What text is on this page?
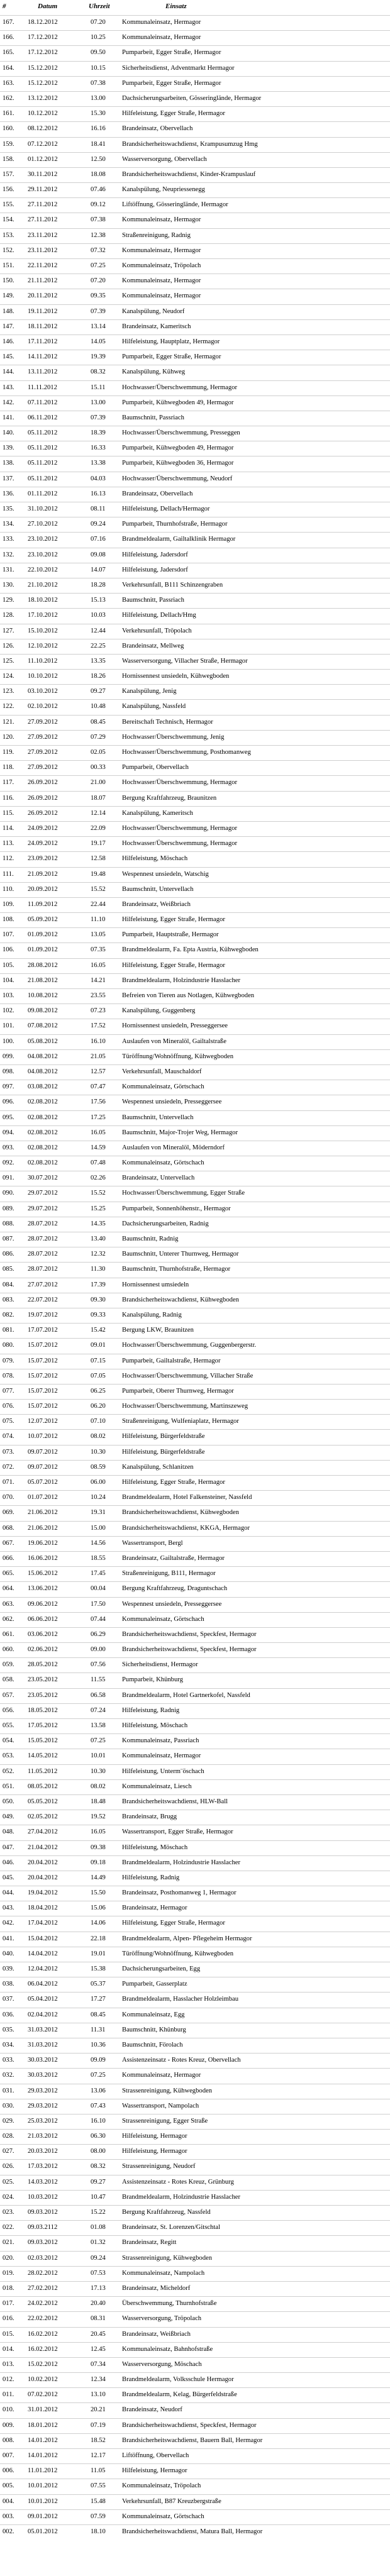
#	Datum	Uhrzeit	Einsatz
167. 18.12.2012	07.20 Kommunaleinsatz, Hermagor
166. 17.12.2012	10.25 Kommunaleinsatz, Hermagor
165. 17.12.2012	09.50 Pumparbeit, Egger Straße, Hermagor
164. 15.12.2012	10.15 Sicherheitsdienst, Adventmarkt Hermagor
163. 15.12.2012	07.38 Pumparbeit, Egger Straße, Hermagor
162. 13.12.2012	13.00 Dachsicherungsarbeiten, Gösseringlände, Hermagor
161. 10.12.2012	15.30 Hilfeleistung, Egger Straße, Hermagor
160. 08.12.2012	16.16 Brandeinsatz, Obervellach
159. 07.12.2012	18.41 Brandsicherheitswachdienst, Krampusumzug Hmg
158. 01.12.2012	12.50 Wasserversorgung, Obervellach
157. 30.11.2012	18.08 Brandsicherheitswachdienst, Kinder-Krampuslauf
156. 29.11.2012	07.46 Kanalspülung, Neupriessenegg
155. 27.11.2012	09.12 Liftöffnung, Gösseringlände, Hermagor
154. 27.11.2012	07.38 Kommunaleinsatz, Hermagor
153. 23.11.2012	12.38 Straßenreinigung, Radnig
152. 23.11.2012	07.32 Kommunaleinsatz, Hermagor
151. 22.11.2012	07.25 Kommunaleinsatz, Tröpolach
150. 21.11.2012	07.20 Kommunaleinsatz, Hermagor
149. 20.11.2012	09.35 Kommunaleinsatz, Hermagor
148. 19.11.2012	07.39 Kanalspülung, Neudorf
147. 18.11.2012	13.14 Brandeinsatz, Kameritsch
146. 17.11.2012	14.05 Hilfeleistung, Hauptplatz, Hermagor
145. 14.11.2012	19.39 Pumparbeit, Egger Straße, Hermagor
144. 13.11.2012	08.32 Kanalspülung, Kühweg
143. 11.11.2012	15.11	Hochwasser/Überschwemmung, Hermagor
142. 07.11.2012	13.00 Pumparbeit, Kühwegboden 49, Hermagor
141. 06.11.2012	07.39 Baumschnitt, Passriach
140. 05.11.2012	18.39 Hochwasser/Überschwemmung, Presseggen
139. 05.11.2012	16.33 Pumparbeit, Kühwegboden 49, Hermagor
138. 05.11.2012	13.38 Pumparbeit, Kühwegboden 36, Hermagor
137. 05.11.2012	04.03 Hochwasser/Überschwemmung, Neudorf
136. 01.11.2012	16.13 Brandeinsatz, Obervellach
135. 31.10.2012	08.11	Hilfeleistung, Dellach/Hermagor
134. 27.10.2012	09.24 Pumparbeit, Thurnhofstraße, Hermagor
133. 23.10.2012	07.16 Brandmeldealarm, Gailtalklinik Hermagor
132. 23.10.2012	09.08 Hilfeleistung, Jadersdorf
131. 22.10.2012	14.07 Hilfeleistung, Jadersdorf
130. 21.10.2012	18.28 Verkehrsunfall, B111 Schinzengraben
129. 18.10.2012	15.13 Baumschnitt, Passriach
128. 17.10.2012	10.03 Hilfeleistung, Dellach/Hmg
127. 15.10.2012	12.44 Verkehrsunfall, Tröpolach
126. 12.10.2012	22.25 Brandeinsatz, Mellweg
125. 11.10.2012	13.35 Wasserversorgung, Villacher Straße, Hermagor
124. 10.10.2012	18.26 Hornissennest unsiedeln, Kühwegboden
123. 03.10.2012	09.27 Kanalspülung, Jenig
122. 02.10.2012	10.48 Kanalspülung, Nassfeld
121. 27.09.2012	08.45 Bereitschaft Technisch, Hermagor
120. 27.09.2012	07.29 Hochwasser/Überschwemmung, Jenig
119. 27.09.2012	02.05 Hochwasser/Überschwemmung, Posthomanweg
118. 27.09.2012	00.33 Pumparbeit, Obervellach
117. 26.09.2012	21.00 Hochwasser/Überschwemmung, Hermagor
116. 26.09.2012	18.07 Bergung Kraftfahrzeug, Braunitzen
115. 26.09.2012	12.14 Kanalspülung, Kameritsch
114. 24.09.2012	22.09 Hochwasser/Überschwemmung, Hermagor
113. 24.09.2012	19.17 Hochwasser/Überschwemmung, Hermagor
112. 23.09.2012	12.58 Hilfeleistung, Möschach
111. 21.09.2012	19.48 Wespennest unsiedeln, Watschig
110. 20.09.2012	15.52 Baumschnitt, Untervellach
109. 11.09.2012	22.44 Brandeinsatz, Weißbriach
108. 05.09.2012	11.10	Hilfeleistung, Egger Straße, Hermagor
107. 01.09.2012	13.05 Pumparbeit, Hauptstraße, Hermagor
106. 01.09.2012	07.35 Brandmeldealarm, Fa. Epta Austria, Kühwegboden
105. 28.08.2012	16.05 Hilfeleistung, Egger Straße, Hermagor
104. 21.08.2012	14.21 Brandmeldealarm, Holzindustrie Hasslacher
103. 10.08.2012	23.55 Befreien von Tieren aus Notlagen, Kühwegboden
102. 09.08.2012	07.23 Kanalspülung, Guggenberg
101. 07.08.2012	17.52 Hornissennest unsiedeln, Presseggersee
100. 05.08.2012	16.10 Auslaufen von Mineralöl, Gailtalstraße
099. 04.08.2012	21.05 Türöffnung/Wohnöffnung, Kühwegboden
098. 04.08.2012	12.57 Verkehrsunfall, Mauschaldorf
097. 03.08.2012	07.47 Kommunaleinsatz, Görtschach
096. 02.08.2012	17.56 Wespennest unsiedeln, Presseggersee
095. 02.08.2012	17.25 Baumschnitt, Untervellach
094. 02.08.2012	16.05 Baumschnitt, Major-Trojer Weg, Hermagor
093. 02.08.2012	14.59 Auslaufen von Mineralöl, Möderndorf
092. 02.08.2012	07.48 Kommunaleinsatz, Görtschach
091. 30.07.2012	02.26 Brandeinsatz, Untervellach
090. 29.07.2012	15.52 Hochwasser/Überschwemmung, Egger Straße
089. 29.07.2012	15.25 Pumparbeit, Sonnenhöhenstr., Hermagor
088. 28.07.2012	14.35 Dachsicherungsarbeiten, Radnig
087. 28.07.2012	13.40 Baumschnitt, Radnig
086. 28.07.2012	12.32 Baumschnitt, Unterer Thurnweg, Hermagor
085. 28.07.2012	11.30	Baumschnitt, Thurnhofstraße, Hermagor
084. 27.07.2012	17.39 Hornissennest umsiedeln
083. 22.07.2012	09.30 Brandsicherheitswachdienst, Kühwegboden
082. 19.07.2012	09.33 Kanalspülung, Radnig
081. 17.07.2012	15.42 Bergung LKW, Braunitzen
080. 15.07.2012	09.01 Hochwasser/Überschwemmung, Guggenbergerstr.
079. 15.07.2012	07.15 Pumparbeit, Gailtalstraße, Hermagor
078. 15.07.2012	07.05 Hochwasser/Überschwemmung, Villacher Straße
077. 15.07.2012	06.25 Pumparbeit, Oberer Thurnweg, Hermagor
076. 15.07.2012	06.20 Hochwasser/Überschwemmung, Martinszeweg
075. 12.07.2012	07.10 Straßenreinigung, Wulfeniaplatz, Hermagor
074. 10.07.2012	08.02 Hilfeleistung, Bürgerfeldstraße
073. 09.07.2012	10.30 Hilfeleistung, Bürgerfeldstraße
072. 09.07.2012	08.59 Kanalspülung, Schlanitzen
071. 05.07.2012	06.00 Hilfeleistung, Egger Straße, Hermagor
070. 01.07.2012	10.24 Brandmeldealarm, Hotel Falkensteiner, Nassfeld
069. 21.06.2012	19.31 Brandsicherheitswachdienst, Kühwegboden
068. 21.06.2012	15.00 Brandsicherheitswachdienst, KKGA, Hermagor
067. 19.06.2012	14.56 Wassertransport, Bergl
066. 16.06.2012	18.55 Brandeinsatz, Gailtalstraße, Hermagor
065. 15.06.2012	17.45 Straßenreinigung, B111, Hermagor
064. 13.06.2012	00.04 Bergung Kraftfahrzeug, Draguntschach
063. 09.06.2012	17.50 Wespennest unsiedeln, Presseggersee
062. 06.06.2012	07.44 Kommunaleinsatz, Görtschach
061. 03.06.2012	06.29 Brandsicherheitswachdienst, Speckfest, Hermagor
060. 02.06.2012	09.00 Brandsicherheitswachdienst, Speckfest, Hermagor
059. 28.05.2012	07.56 Sicherheitsdienst, Hermagor
058. 23.05.2012	11.55	Pumparbeit, Khünburg
057. 23.05.2012	06.58 Brandmeldealarm, Hotel Gartnerkofel, Nassfeld
056. 18.05.2012	07.24 Hilfeleistung, Radnig
055. 17.05.2012	13.58 Hilfeleistung, Möschach
054. 15.05.2012	07.25 Kommunaleinsatz, Passriach
053. 14.05.2012	10.01 Kommunaleinsatz, Hermagor
052. 11.05.2012	10.30 Hilfeleistung, Unterm¨öschach
051. 08.05.2012	08.02 Kommunaleinsatz, Liesch
050. 05.05.2012	18.48 Brandsicherheitswachdienst, HLW-Ball
049. 02.05.2012	19.52 Brandeinsatz, Brugg
048. 27.04.2012	16.05 Wassertransport, Egger Straße, Hermagor
047. 21.04.2012	09.38 Hilfeleistung, Möschach
046. 20.04.2012	09.18 Brandmeldealarm, Holzindustrie Hasslacher
045. 20.04.2012	14.49 Hilfeleistung, Radnig
044. 19.04.2012	15.50 Brandeinsatz, Posthomanweg 1, Hermagor
043. 18.04.2012	15.06 Brandeinsatz, Hermagor
042. 17.04.2012	14.06 Hilfeleistung, Egger Straße, Hermagor
041. 15.04.2012	22.18 Brandmeldealarm, Alpen- Pflegeheim Hermagor
040. 14.04.2012	19.01 Türöffnung/Wohnöffnung, Kühwegboden
039. 12.04.2012	15.38 Dachsicherungsarbeiten, Egg
038. 06.04.2012	05.37 Pumparbeit, Gasserplatz
037. 05.04.2012	17.27 Brandmeldealarm, Hasslacher Holzleimbau
036. 02.04.2012	08.45 Kommunaleinsatz, Egg
035. 31.03.2012	11.31	Baumschnitt, Khünburg
034. 31.03.2012	10.36 Baumschnitt, Förolach
033. 30.03.2012	09.09 Assistenzeinsatz - Rotes Kreuz, Obervellach
032. 30.03.2012	07.25 Kommunaleinsatz, Hermagor
031. 29.03.2012	13.06 Strassenreinigung, Kühwegboden
030. 29.03.2012	07.43 Wassertransport, Nampolach
029. 25.03.2012	16.10 Strassenreinigung, Egger Straße
028. 21.03.2012	06.30 Hilfeleistung, Hermagor
027. 20.03.2012	08.00 Hilfeleistung, Hermagor
026. 17.03.2012	08.32 Strassenreinigung, Neudorf
025. 14.03.2012	09.27 Assistenzeinsatz - Rotes Kreuz, Grünburg
024. 10.03.2012	10.47 Brandmeldealarm, Holzindustrie Hasslacher
023. 09.03.2012	15.22 Bergung Kraftfahrzeug, Nassfeld
022. 09.03.2112	01.08 Brandeinsatz, St. Lorenzen/Gitschtal
021. 09.03.2012	01.32 Brandeinsatz, Regitt
020. 02.03.2012	09.24 Strassenreinigung, Kühwegboden
019. 28.02.2012	07.53 Kommunaleinsatz, Nampolach
018. 27.02.2012	17.13 Brandeinsatz, Micheldorf
017. 24.02.2012	20.40 Überschwemmung, Thurnhofstraße
016. 22.02.2012	08.31 Wasserversorgung, Tröpolach
015. 16.02.2012	20.45 Brandeinsatz, Weißbriach
014. 16.02.2012	12.45 Kommunaleinsatz, Bahnhofstraße
013. 15.02.2012	07.34 Wasserversorgung, Möschach
012. 10.02.2012	12.34 Brandmeldealarm, Volksschule Hermagor
011. 07.02.2012	13.10 Brandmeldealarm, Kelag, Bürgerfeldstraße
010. 31.01.2012	20.21 Brandeinsatz, Neudorf
009. 18.01.2012	07.19 Brandsicherheitswachdienst, Speckfest, Hermagor
008. 14.01.2012	18.52 Brandsicherheitswachdienst, Bauern Ball, Hermagor
007. 14.01.2012	12.17 Liftöffnung, Obervellach
006. 11.01.2012	11.05	Hilfeleistung, Hermagor
005. 10.01.2012	07.55 Kommunaleinsatz, Tröpolach
004. 10.01.2012	15.48 Verkehrsunfall, B87 Kreuzbergstraße
003. 09.01.2012	07.59 Kommunaleinsatz, Görtschach
002. 05.01.2012	18.10 Brandsicherheitswachdienst, Matura Ball, Hermagor
